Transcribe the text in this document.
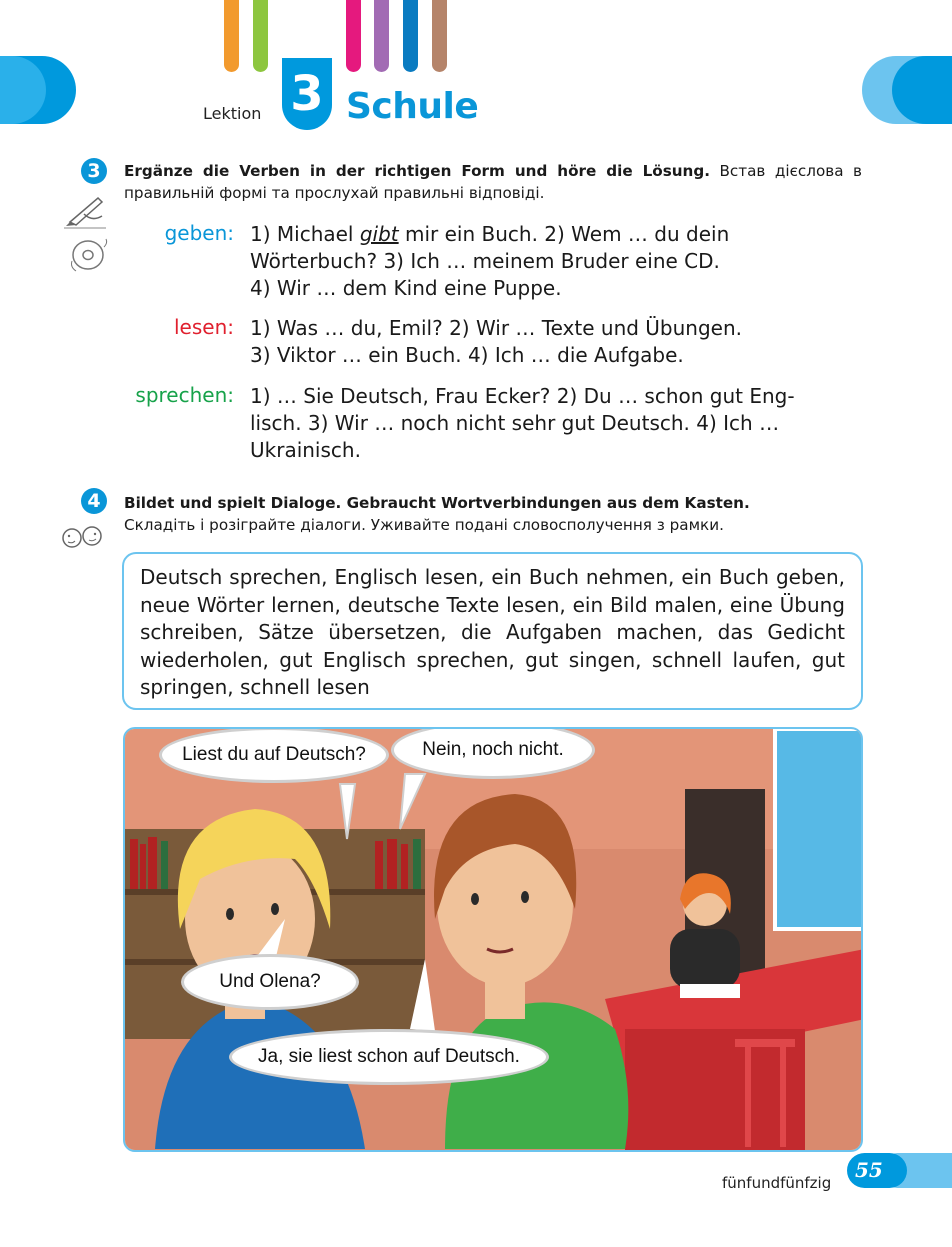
Lektion 3 Schule
3	Ergänze die Verben in der richtigen Form und höre die Lösung. Встав дієслова в правильній формі та прослухай правильні відповіді.
geben: 1) Michael gibt mir ein Buch. 2) Wem … du dein
Wörterbuch? 3) Ich … meinem Bruder eine CD.
4) Wir … dem Kind eine Puppe.
lesen: 1) Was … du, Emil? 2) Wir … Texte und Übungen.
3) Viktor … ein Buch. 4) Ich … die Aufgabe.
sprechen: 1) … Sie Deutsch, Frau Ecker? 2) Du … schon gut Eng-
lisch. 3) Wir … noch nicht sehr gut Deutsch. 4) Ich …
Ukrainisch.
4	Bildet und spielt Dialoge. Gebraucht Wortverbindungen aus dem Kasten.
Складіть і розіграйте діалоги. Уживайте подані словосполучення з рамки.
Deutsch sprechen, Englisch lesen, ein Buch nehmen, ein Buch geben, neue Wörter lernen, deutsche Texte lesen, ein Bild malen, eine Übung schreiben, Sätze übersetzen, die Aufgaben machen, das Gedicht wiederholen, gut Englisch sprechen, gut singen, schnell laufen, gut springen, schnell lesen
Liest du auf Deutsch?	Nein, noch nicht.
Und Olena?
Ja, sie liest schon auf Deutsch.
fünfundfünfzig
55
